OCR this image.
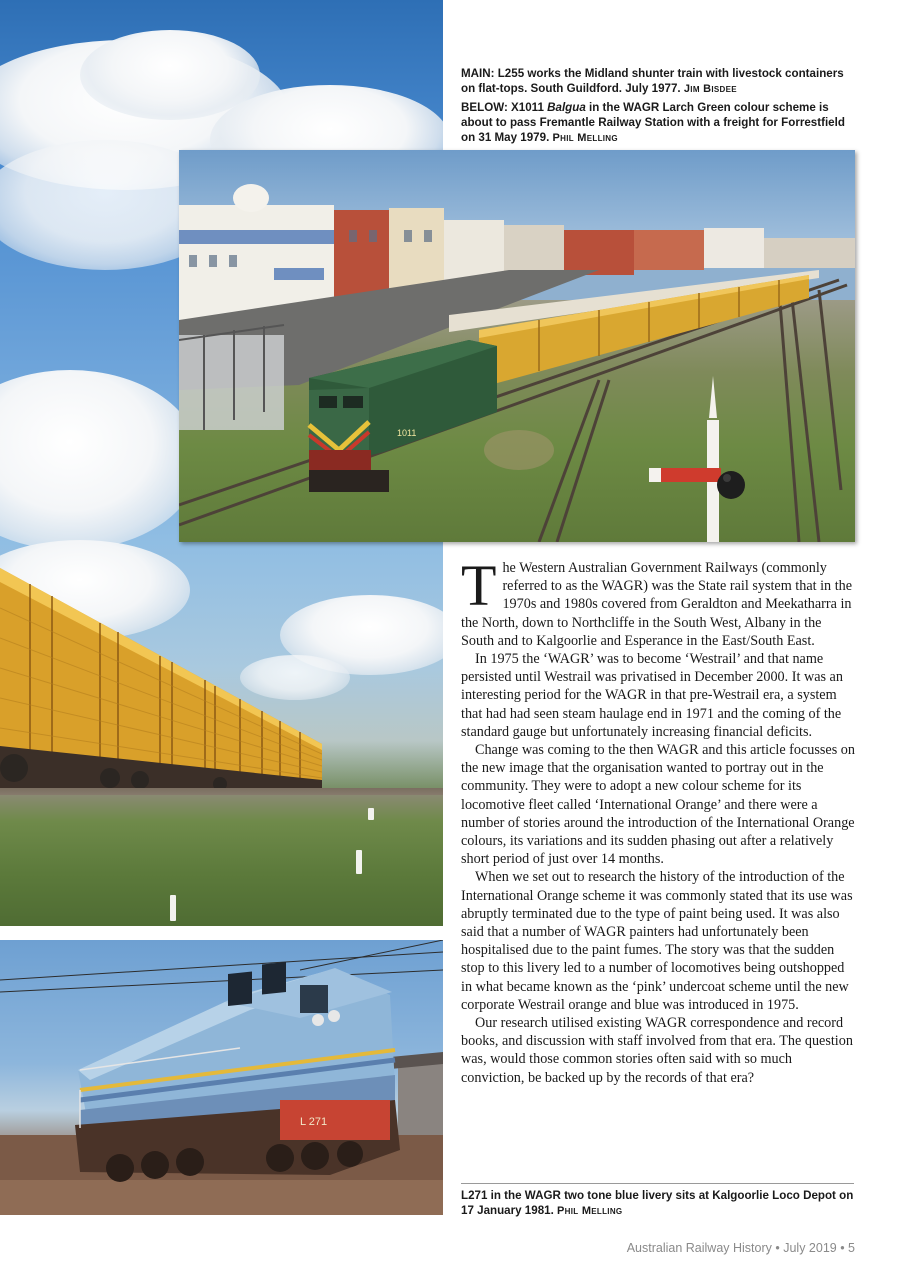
1011
L 271
MAIN: L255 works the Midland shunter train with livestock containers on flat-tops. South Guildford. July 1977. Jim Bisdee
BELOW: X1011 Balgua in the WAGR Larch Green colour scheme is about to pass Fremantle Railway Station with a freight for Forrestfield on 31 May 1979. Phil Melling

The Western Australian Government Railways (commonly referred to as the WAGR) was the State rail system that in the 1970s and 1980s covered from Geraldton and Meekatharra in the North, down to Northcliffe in the South West, Albany in the South and to Kalgoorlie and Esperance in the East/South East.

In 1975 the ‘WAGR’ was to become ‘Westrail’ and that name persisted until Westrail was privatised in December 2000. It was an interesting period for the WAGR in that pre-Westrail era, a system that had had seen steam haulage end in 1971 and the coming of the standard gauge but unfortunately increasing financial deficits.

Change was coming to the then WAGR and this article focusses on the new image that the organisation wanted to portray out in the community. They were to adopt a new colour scheme for its locomotive fleet called ‘International Orange’ and there were a number of stories around the introduction of the International Orange colours, its variations and its sudden phasing out after a relatively short period of just over 14 months.

When we set out to research the history of the introduction of the International Orange scheme it was commonly stated that its use was abruptly terminated due to the type of paint being used. It was also said that a number of WAGR painters had unfortunately been hospitalised due to the paint fumes. The story was that the sudden stop to this livery led to a number of locomotives being outshopped in what became known as the ‘pink’ undercoat scheme until the new corporate Westrail orange and blue was introduced in 1975.

Our research utilised existing WAGR correspondence and record books, and discussion with staff involved from that era. The question was, would those common stories often said with so much conviction, be backed up by the records of that era?

L271 in the WAGR two tone blue livery sits at Kalgoorlie Loco Depot on 17 January 1981. Phil Melling
Australian Railway History • July 2019 • 5
